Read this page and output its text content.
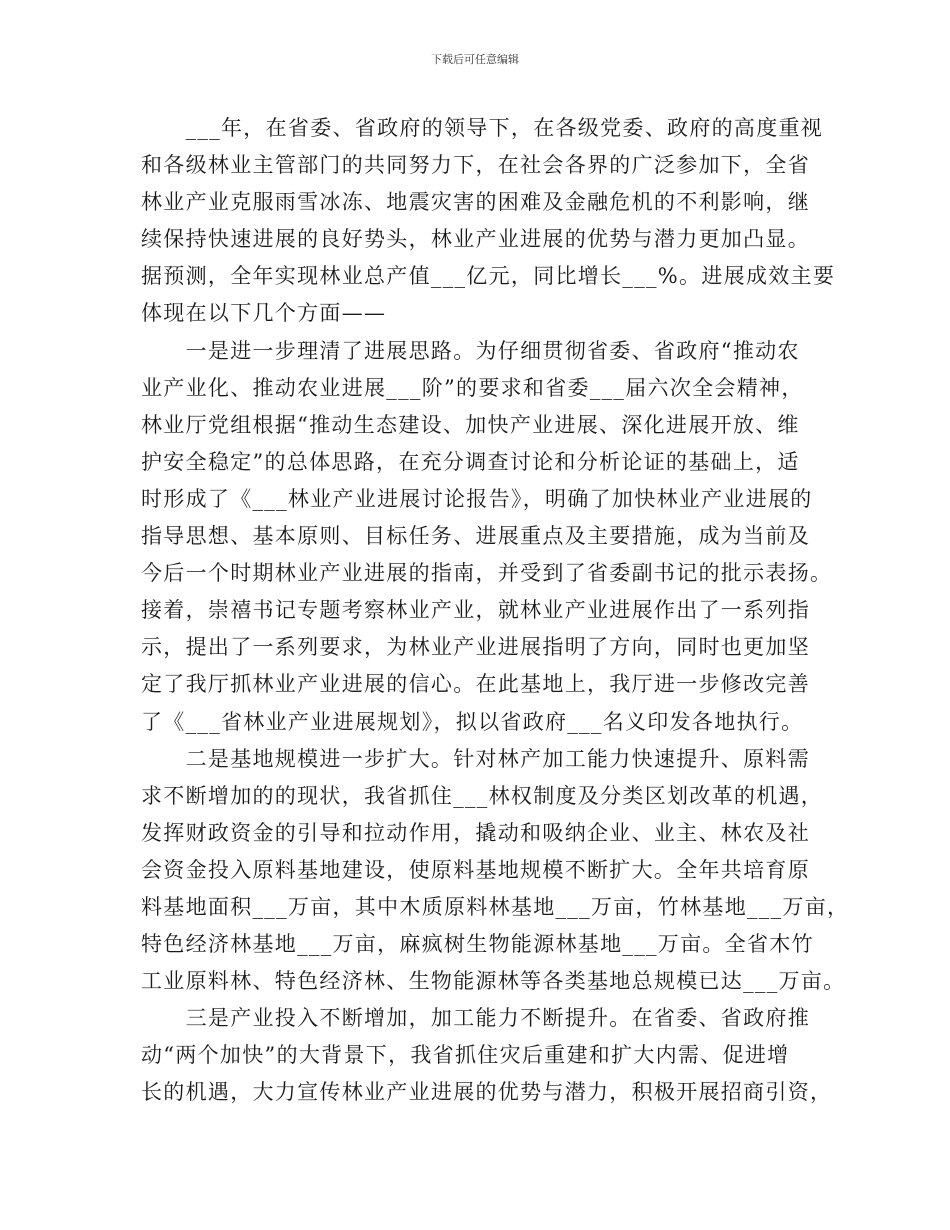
下载后可任意编辑
　　___年，在省委、省政府的领导下，在各级党委、政府的高度重视
和各级林业主管部门的共同努力下，在社会各界的广泛参加下，全省
林业产业克服雨雪冰冻、地震灾害的困难及金融危机的不利影响，继
续保持快速进展的良好势头，林业产业进展的优势与潜力更加凸显。
据预测，全年实现林业总产值___亿元，同比增长___%。进展成效主要
体现在以下几个方面——
　　一是进一步理清了进展思路。为仔细贯彻省委、省政府“推动农
业产业化、推动农业进展___阶”的要求和省委___届六次全会精神，
林业厅党组根据“推动生态建设、加快产业进展、深化进展开放、维
护安全稳定”的总体思路，在充分调查讨论和分析论证的基础上，适
时形成了《___林业产业进展讨论报告》，明确了加快林业产业进展的
指导思想、基本原则、目标任务、进展重点及主要措施，成为当前及
今后一个时期林业产业进展的指南，并受到了省委副书记的批示表扬。
接着，崇禧书记专题考察林业产业，就林业产业进展作出了一系列指
示，提出了一系列要求，为林业产业进展指明了方向，同时也更加坚
定了我厅抓林业产业进展的信心。在此基地上，我厅进一步修改完善
了《___省林业产业进展规划》，拟以省政府___名义印发各地执行。
　　二是基地规模进一步扩大。针对林产加工能力快速提升、原料需
求不断增加的的现状，我省抓住___林权制度及分类区划改革的机遇，
发挥财政资金的引导和拉动作用，撬动和吸纳企业、业主、林农及社
会资金投入原料基地建设，使原料基地规模不断扩大。全年共培育原
料基地面积___万亩，其中木质原料林基地___万亩，竹林基地___万亩，
特色经济林基地___万亩，麻疯树生物能源林基地___万亩。全省木竹
工业原料林、特色经济林、生物能源林等各类基地总规模已达___万亩。
　　三是产业投入不断增加，加工能力不断提升。在省委、省政府推
动“两个加快”的大背景下，我省抓住灾后重建和扩大内需、促进增
长的机遇，大力宣传林业产业进展的优势与潜力，积极开展招商引资，
